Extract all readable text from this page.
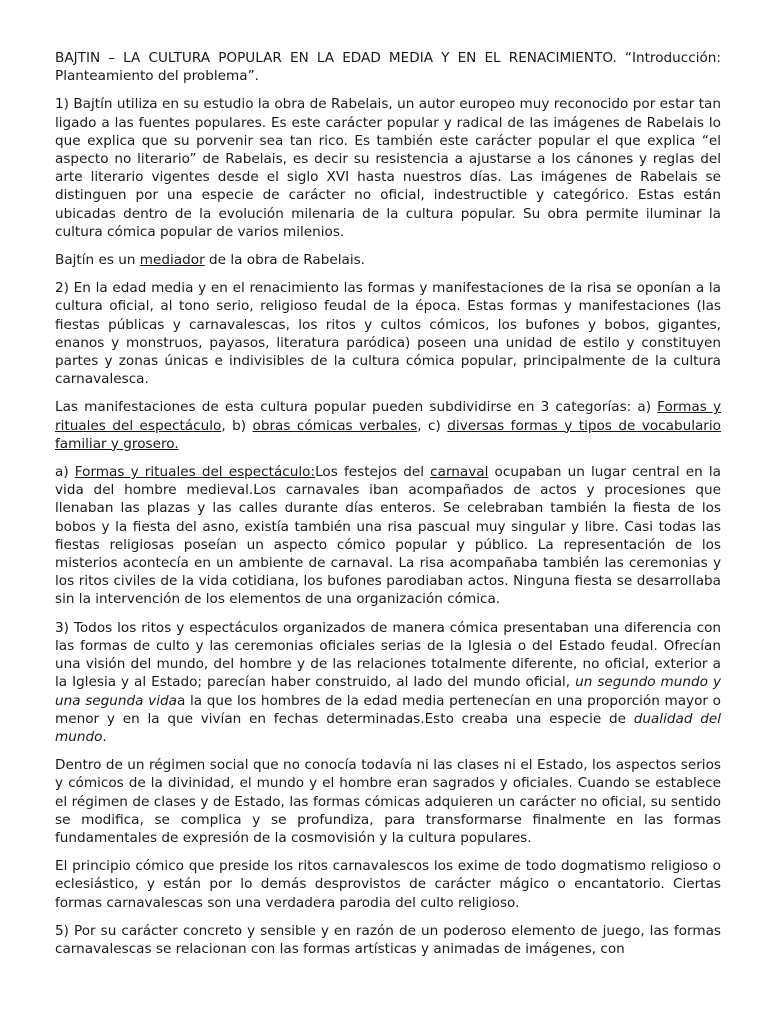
BAJTIN – LA CULTURA POPULAR EN LA EDAD MEDIA Y EN EL RENACIMIENTO. “Introducción: Planteamiento del problema”.

1) Bajtín utiliza en su estudio la obra de Rabelais, un autor europeo muy reconocido por estar tan ligado a las fuentes populares. Es este carácter popular y radical de las imágenes de Rabelais lo que explica que su porvenir sea tan rico. Es también este carácter popular el que explica “el aspecto no literario” de Rabelais, es decir su resistencia a ajustarse a los cánones y reglas del arte literario vigentes desde el siglo XVI hasta nuestros días. Las imágenes de Rabelais se distinguen por una especie de carácter no oficial, indestructible y categórico. Estas están ubicadas dentro de la evolución milenaria de la cultura popular. Su obra permite iluminar la cultura cómica popular de varios milenios.

Bajtín es un mediador de la obra de Rabelais.

2) En la edad media y en el renacimiento las formas y manifestaciones de la risa se oponían a la cultura oficial, al tono serio, religioso feudal de la época. Estas formas y manifestaciones (las fiestas públicas y carnavalescas, los ritos y cultos cómicos, los bufones y bobos, gigantes, enanos y monstruos, payasos, literatura paródica) poseen una unidad de estilo y constituyen partes y zonas únicas e indivisibles de la cultura cómica popular, principalmente de la cultura carnavalesca.

Las manifestaciones de esta cultura popular pueden subdividirse en 3 categorías: a) Formas y rituales del espectáculo, b) obras cómicas verbales, c) diversas formas y tipos de vocabulario familiar y grosero.

a) Formas y rituales del espectáculo:Los festejos del carnaval ocupaban un lugar central en la vida del hombre medieval.Los carnavales iban acompañados de actos y procesiones que llenaban las plazas y las calles durante días enteros. Se celebraban también la fiesta de los bobos y la fiesta del asno, existía también una risa pascual muy singular y libre. Casi todas las fiestas religiosas poseían un aspecto cómico popular y público. La representación de los misterios acontecía en un ambiente de carnaval. La risa acompañaba también las ceremonias y los ritos civiles de la vida cotidiana, los bufones parodiaban actos. Ninguna fiesta se desarrollaba sin la intervención de los elementos de una organización cómica.

3) Todos los ritos y espectáculos organizados de manera cómica presentaban una diferencia con las formas de culto y las ceremonias oficiales serias de la Iglesia o del Estado feudal. Ofrecían una visión del mundo, del hombre y de las relaciones totalmente diferente, no oficial, exterior a la Iglesia y al Estado; parecían haber construido, al lado del mundo oficial, un segundo mundo y una segunda vidaa la que los hombres de la edad media pertenecían en una proporción mayor o menor y en la que vivían en fechas determinadas.Esto creaba una especie de dualidad del mundo.

Dentro de un régimen social que no conocía todavía ni las clases ni el Estado, los aspectos serios y cómicos de la divinidad, el mundo y el hombre eran sagrados y oficiales. Cuando se establece el régimen de clases y de Estado, las formas cómicas adquieren un carácter no oficial, su sentido se modifica, se complica y se profundiza, para transformarse finalmente en las formas fundamentales de expresión de la cosmovisión y la cultura populares.

El principio cómico que preside los ritos carnavalescos los exime de todo dogmatismo religioso o eclesiástico, y están por lo demás desprovistos de carácter mágico o encantatorio. Ciertas formas carnavalescas son una verdadera parodia del culto religioso.

5) Por su carácter concreto y sensible y en razón de un poderoso elemento de juego, las formas carnavalescas se relacionan con las formas artísticas y animadas de imágenes, con
